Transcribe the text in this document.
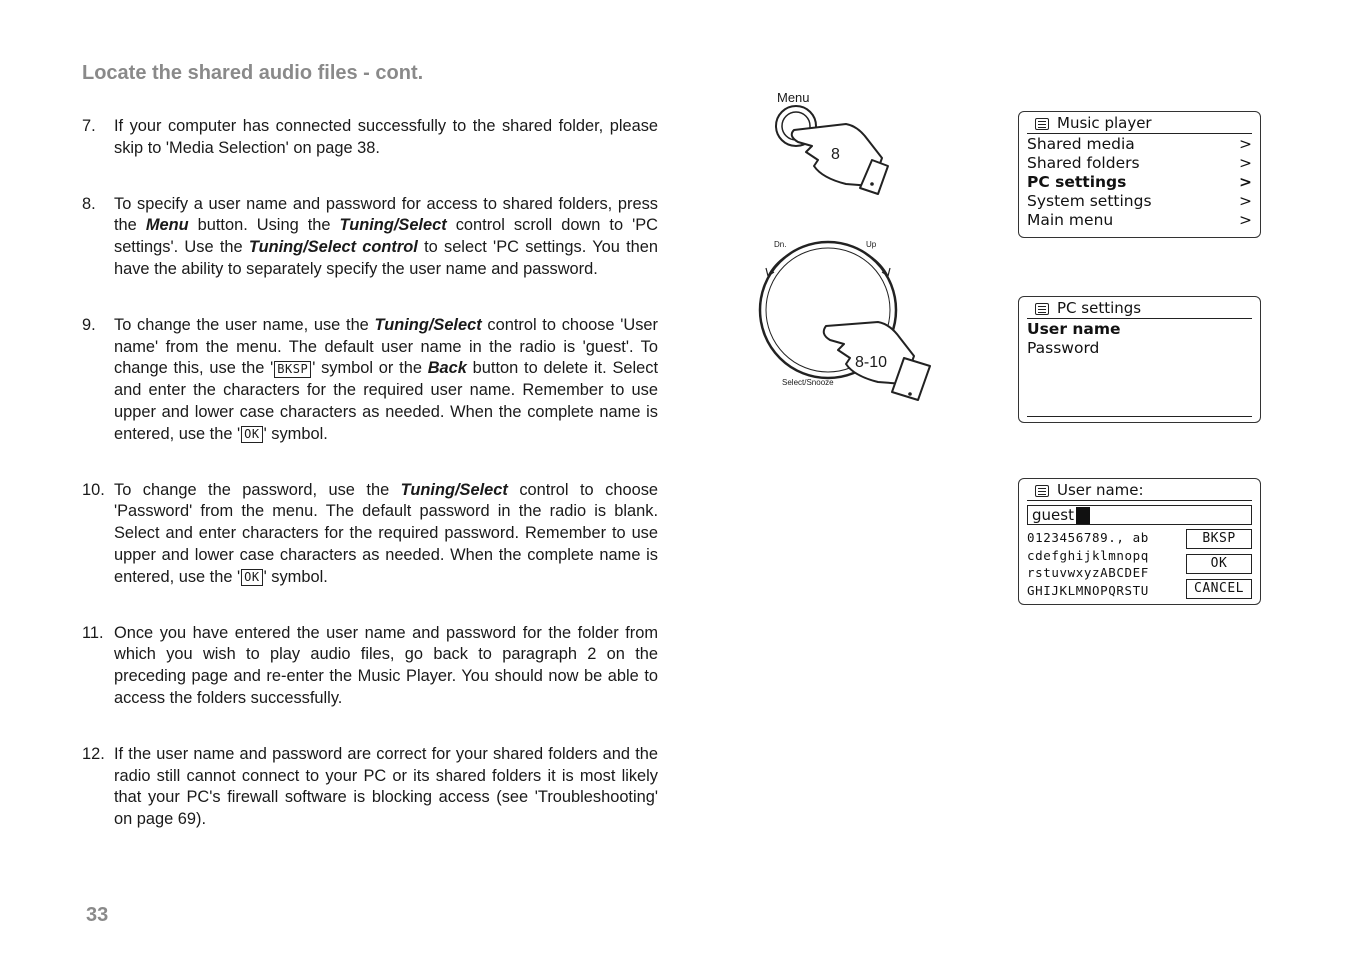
Locate the shared audio files - cont.
7.	If your computer has connected successfully to the shared folder, please skip to 'Media Selection' on page 38.
8.	To specify a user name and password for access to shared folders, press the Menu button. Using the Tuning/Select control scroll down to 'PC settings'. Use the Tuning/Select control to select 'PC settings. You then have the ability to separately specify the user name and password.
9.	To change the user name, use the Tuning/Select control to choose 'User name' from the menu. The default user name in the radio is 'guest'. To change this, use the ' BKSP ' symbol or the Back button to delete it. Select and enter the characters for the required user name. Remember to use upper and lower case characters as needed. When the complete name is entered, use the ' OK ' symbol.
10. To change the password, use the Tuning/Select control to choose 'Password' from the menu. The default password in the radio is blank. Select and enter characters for the required password. Remember to use upper and lower case characters as needed. When the complete name is entered, use the ' OK ' symbol.
11. Once you have entered the user name and password for the folder from which you wish to play audio files, go back to paragraph 2 on the preceding page and re-enter the Music Player. You should now be able to access the folders successfully.
12. If the user name and password are correct for your shared folders and the radio still cannot connect to your PC or its shared folders it is most likely that your PC's firewall software is blocking access (see 'Troubleshooting' on page 69).
33
Menu
8
Dn.	Up
Select/Snooze
8-10
Music player
Shared media	>
Shared folders	>
PC settings	>
System settings	>
Main menu	>
PC settings
User name
Password
User name:
guest
0123456789., ab
cdefghijklmnopq
rstuvwxyzABCDEF
GHIJKLMNOPQRSTU
BKSP
OK
CANCEL
